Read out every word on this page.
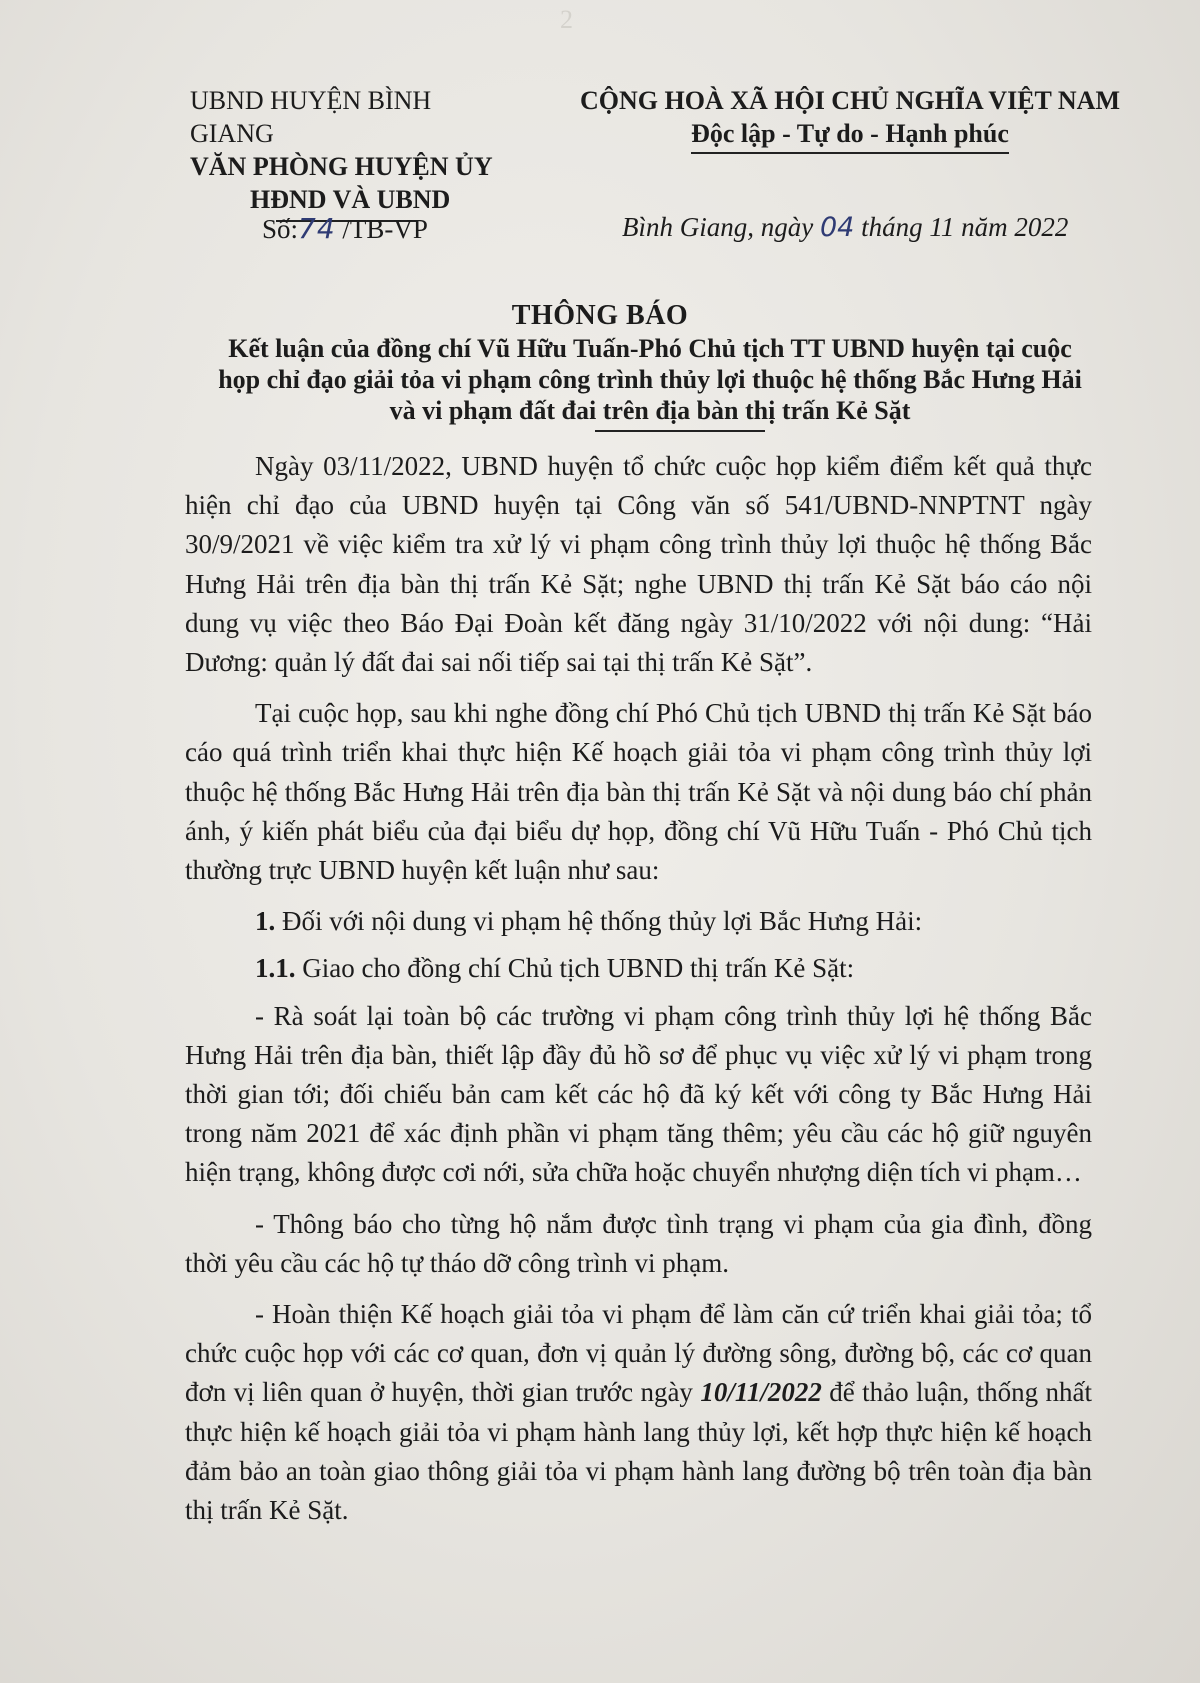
2
UBND HUYỆN BÌNH GIANG
VĂN PHÒNG HUYỆN ỦY
HĐND VÀ UBND
CỘNG HOÀ XÃ HỘI CHỦ NGHĨA VIỆT NAM
Độc lập - Tự do - Hạnh phúc
Số:74 /TB-VP	Bình Giang, ngày 04 tháng 11 năm 2022
THÔNG BÁO
Kết luận của đồng chí Vũ Hữu Tuấn-Phó Chủ tịch TT UBND huyện tại cuộc họp chỉ đạo giải tỏa vi phạm công trình thủy lợi thuộc hệ thống Bắc Hưng Hải và vi phạm đất đai trên địa bàn thị trấn Kẻ Sặt

Ngày 03/11/2022, UBND huyện tổ chức cuộc họp kiểm điểm kết quả thực hiện chỉ đạo của UBND huyện tại Công văn số 541/UBND-NNPTNT ngày 30/9/2021 về việc kiểm tra xử lý vi phạm công trình thủy lợi thuộc hệ thống Bắc Hưng Hải trên địa bàn thị trấn Kẻ Sặt; nghe UBND thị trấn Kẻ Sặt báo cáo nội dung vụ việc theo Báo Đại Đoàn kết đăng ngày 31/10/2022 với nội dung: “Hải Dương: quản lý đất đai sai nối tiếp sai tại thị trấn Kẻ Sặt”.

Tại cuộc họp, sau khi nghe đồng chí Phó Chủ tịch UBND thị trấn Kẻ Sặt báo cáo quá trình triển khai thực hiện Kế hoạch giải tỏa vi phạm công trình thủy lợi thuộc hệ thống Bắc Hưng Hải trên địa bàn thị trấn Kẻ Sặt và nội dung báo chí phản ánh, ý kiến phát biểu của đại biểu dự họp, đồng chí Vũ Hữu Tuấn - Phó Chủ tịch thường trực UBND huyện kết luận như sau:

1. Đối với nội dung vi phạm hệ thống thủy lợi Bắc Hưng Hải:

1.1. Giao cho đồng chí Chủ tịch UBND thị trấn Kẻ Sặt:

- Rà soát lại toàn bộ các trường vi phạm công trình thủy lợi hệ thống Bắc Hưng Hải trên địa bàn, thiết lập đầy đủ hồ sơ để phục vụ việc xử lý vi phạm trong thời gian tới; đối chiếu bản cam kết các hộ đã ký kết với công ty Bắc Hưng Hải trong năm 2021 để xác định phần vi phạm tăng thêm; yêu cầu các hộ giữ nguyên hiện trạng, không được cơi nới, sửa chữa hoặc chuyển nhượng diện tích vi phạm…

- Thông báo cho từng hộ nắm được tình trạng vi phạm của gia đình, đồng thời yêu cầu các hộ tự tháo dỡ công trình vi phạm.

- Hoàn thiện Kế hoạch giải tỏa vi phạm để làm căn cứ triển khai giải tỏa; tổ chức cuộc họp với các cơ quan, đơn vị quản lý đường sông, đường bộ, các cơ quan đơn vị liên quan ở huyện, thời gian trước ngày 10/11/2022 để thảo luận, thống nhất thực hiện kế hoạch giải tỏa vi phạm hành lang thủy lợi, kết hợp thực hiện kế hoạch đảm bảo an toàn giao thông giải tỏa vi phạm hành lang đường bộ trên toàn địa bàn thị trấn Kẻ Sặt.
